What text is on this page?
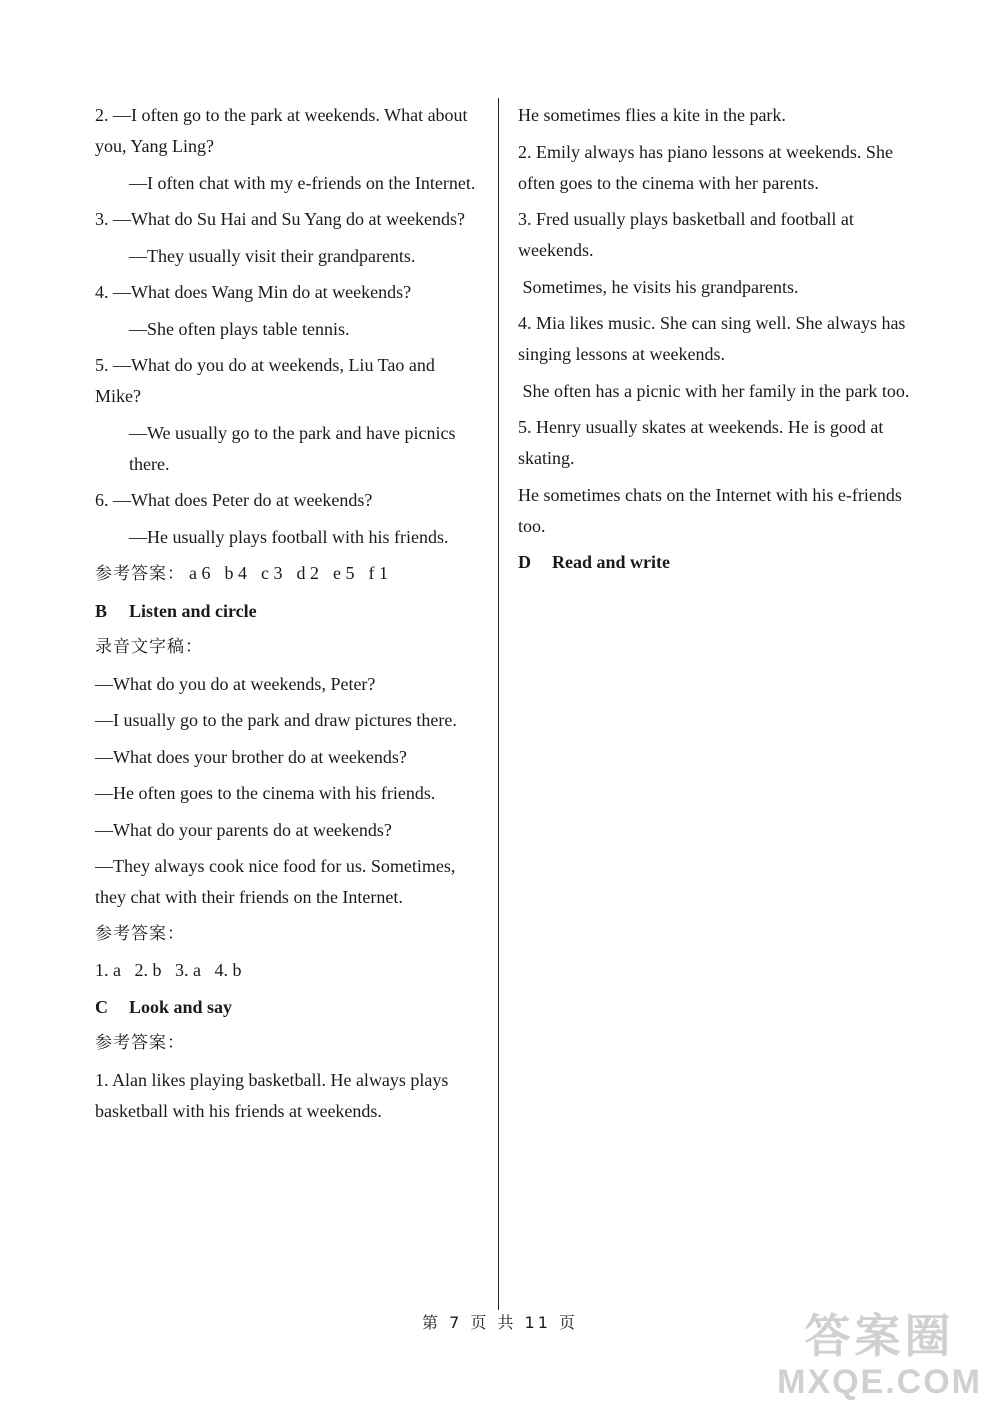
2. —I often go to the park at weekends. What about you, Yang Ling?

—I often chat with my e-friends on the Internet.

3. —What do Su Hai and Su Yang do at weekends?

—They usually visit their grandparents.

4. —What does Wang Min do at weekends?

—She often plays table tennis.

5. —What do you do at weekends, Liu Tao and Mike?

—We usually go to the park and have picnics there.

6. —What does Peter do at weekends?

—He usually plays football with his friends.

参考答案： a 6 b 4 c 3 d 2 e 5 f 1

B Listen and circle

录音文字稿：

—What do you do at weekends, Peter?

—I usually go to the park and draw pictures there.

—What does your brother do at weekends?

—He often goes to the cinema with his friends.

—What do your parents do at weekends?

—They always cook nice food for us. Sometimes, they chat with their friends on the Internet.

参考答案：

1. a   2. b   3. a   4. b

C Look and say

参考答案：

1. Alan likes playing basketball. He always plays basketball with his friends at weekends.

He sometimes flies a kite in the park.

2. Emily always has piano lessons at weekends. She often goes to the cinema with her parents.

3. Fred usually plays basketball and football at weekends.

Sometimes, he visits his grandparents.

4. Mia likes music. She can sing well. She always has singing lessons at weekends.

She often has a picnic with her family in the park too.

5. Henry usually skates at weekends. He is good at skating.

He sometimes chats on the Internet with his e-friends too.

D Read and write

第 7 页 共 11 页	答案圈
MXQE.COM
